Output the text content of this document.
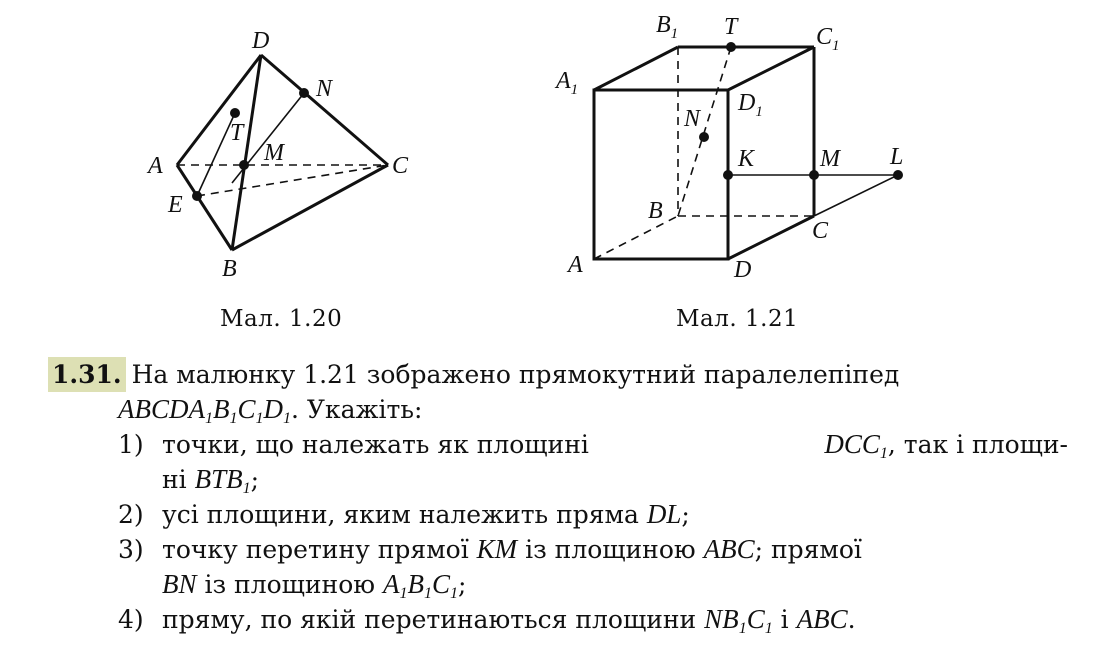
D
N
T
M
A	C
E
B
$B_1$ T	$C_1$
$A_1$	$D_1$
N
K	M L
B
C
A	D
Мал. 1.20	Мал. 1.21
1.31. На малюнку 1.21 зображено прямокутний паралелепіпед
$ABCDA_1B_1C_1D_1$. Укажіть:
1) точки, що належать як площині	$DCC_1$, так і площи-
ні $BTB_1$;
2) усі площини, яким належить пряма DL;
3) точку перетину прямої KM із площиною ABC; прямої
BN із площиною $A_1B_1C_1$;
4) пряму, по якій перетинаються площини $NB_1C_1$ і ABC.
